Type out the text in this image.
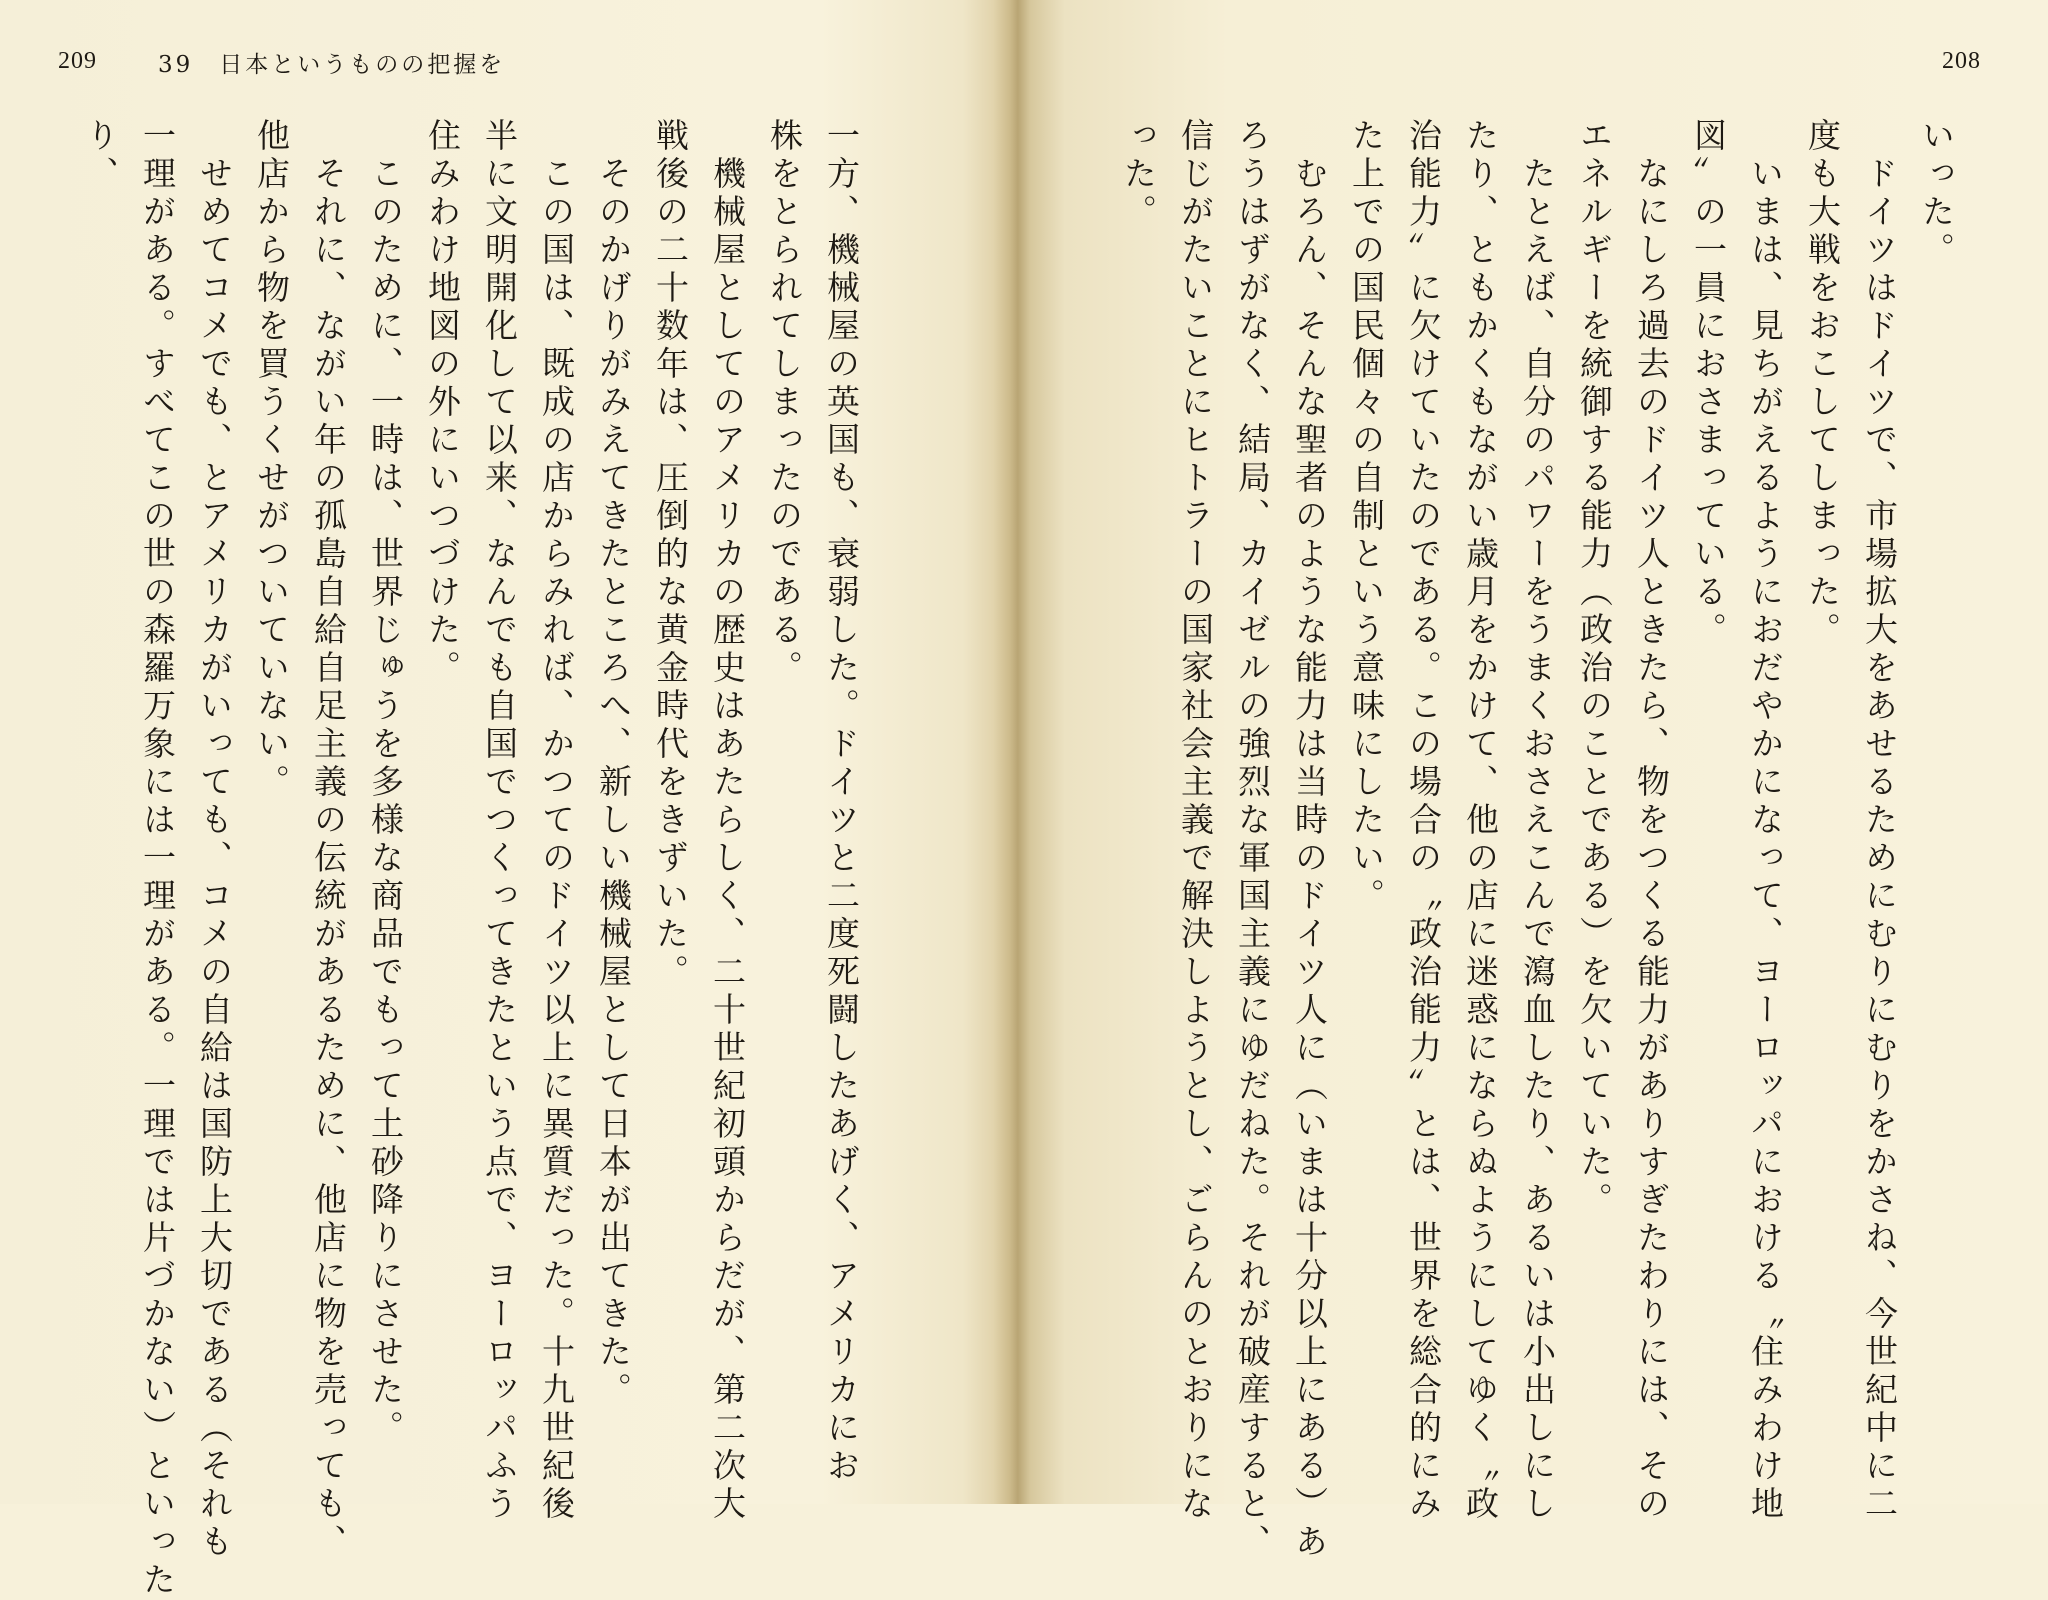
209	39　日本というものの把握を
一方、機械屋の英国も、衰弱した。ドイツと二度死闘したあげく、アメリカにお
株をとられてしまったのである。
　機械屋としてのアメリカの歴史はあたらしく、二十世紀初頭からだが、第二次大
戦後の二十数年は、圧倒的な黄金時代をきずいた。
　そのかげりがみえてきたところへ、新しい機械屋として日本が出てきた。
　この国は、既成の店からみれば、かつてのドイツ以上に異質だった。十九世紀後
半に文明開化して以来、なんでも自国でつくってきたという点で、ヨーロッパふう
住みわけ地図の外にいつづけた。
　このために、一時は、世界じゅうを多様な商品でもって土砂降りにさせた。
　それに、ながい年の孤島自給自足主義の伝統があるために、他店に物を売っても、
他店から物を買うくせがついていない。
　せめてコメでも、とアメリカがいっても、コメの自給は国防上大切である（それも
一理がある。すべてこの世の森羅万象には一理がある。一理では片づかない）といった
り、
208
いった。
　ドイツはドイツで、市場拡大をあせるためにむりにむりをかさね、今世紀中に二
度も大戦をおこしてしまった。
　いまは、見ちがえるようにおだやかになって、ヨーロッパにおける〝住みわけ地
図〟の一員におさまっている。
　なにしろ過去のドイツ人ときたら、物をつくる能力がありすぎたわりには、その
エネルギーを統御する能力（政治のことである）を欠いていた。
　たとえば、自分のパワーをうまくおさえこんで瀉血したり、あるいは小出しにし
たり、ともかくもながい歳月をかけて、他の店に迷惑にならぬようにしてゆく〝政
治能力〟に欠けていたのである。この場合の〝政治能力〟とは、世界を総合的にみ
た上での国民個々の自制という意味にしたい。
　むろん、そんな聖者のような能力は当時のドイツ人に（いまは十分以上にある）あ
ろうはずがなく、結局、カイゼルの強烈な軍国主義にゆだねた。それが破産すると、
信じがたいことにヒトラーの国家社会主義で解決しようとし、ごらんのとおりにな
った。
